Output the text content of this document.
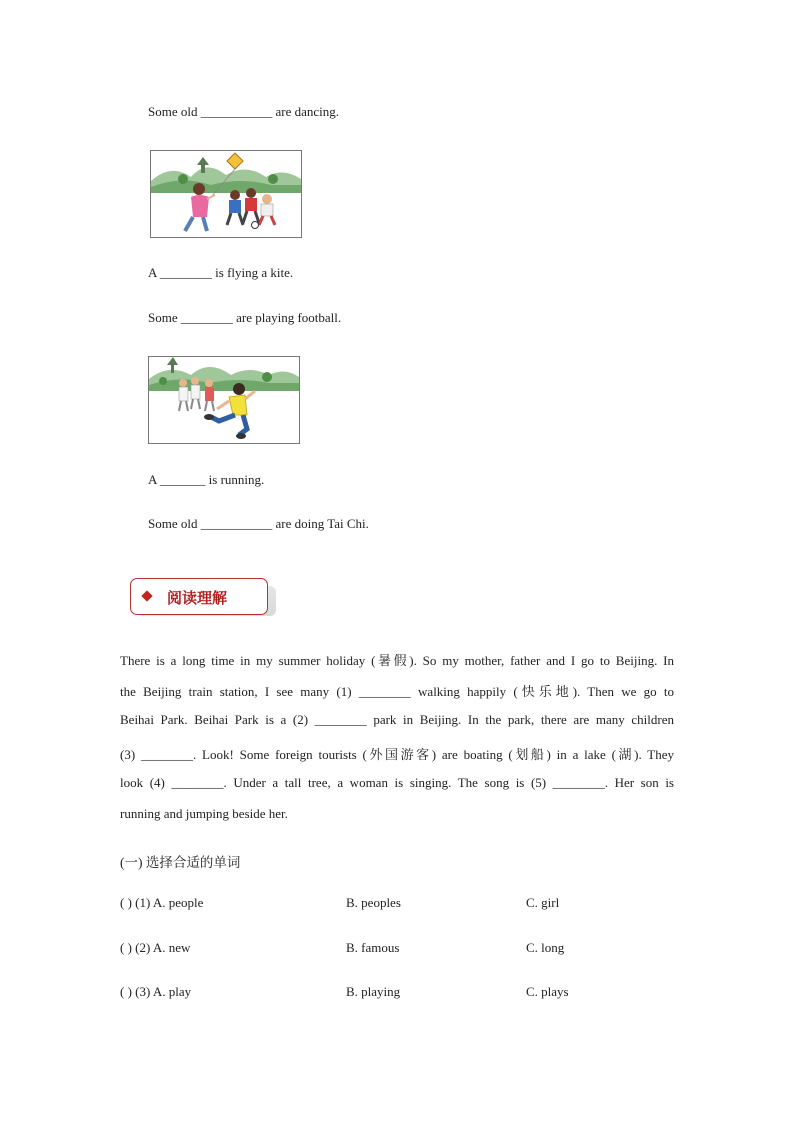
Some old ___________ are dancing.
A ________ is flying a kite.
Some ________ are playing football.
A _______ is running.
Some old ___________ are doing Tai Chi.
阅读理解
There is a long time in my summer holiday (暑假). So my mother, father and I go to Beijing. In
the Beijing train station, I see many (1) ________ walking happily (快乐地). Then we go to
Beihai Park. Beihai Park is a (2) ________ park in Beijing. In the park, there are many children
(3) ________. Look! Some foreign tourists (外国游客) are boating (划船) in a lake (湖). They
look (4) ________. Under a tall tree, a woman is singing. The song is (5) ________. Her son is
running and jumping beside her.
(一) 选择合适的单词
( ) (1) A. people	B. peoples	C. girl
( ) (2) A. new	B. famous	C. long
( ) (3) A. play	B. playing	C. plays
